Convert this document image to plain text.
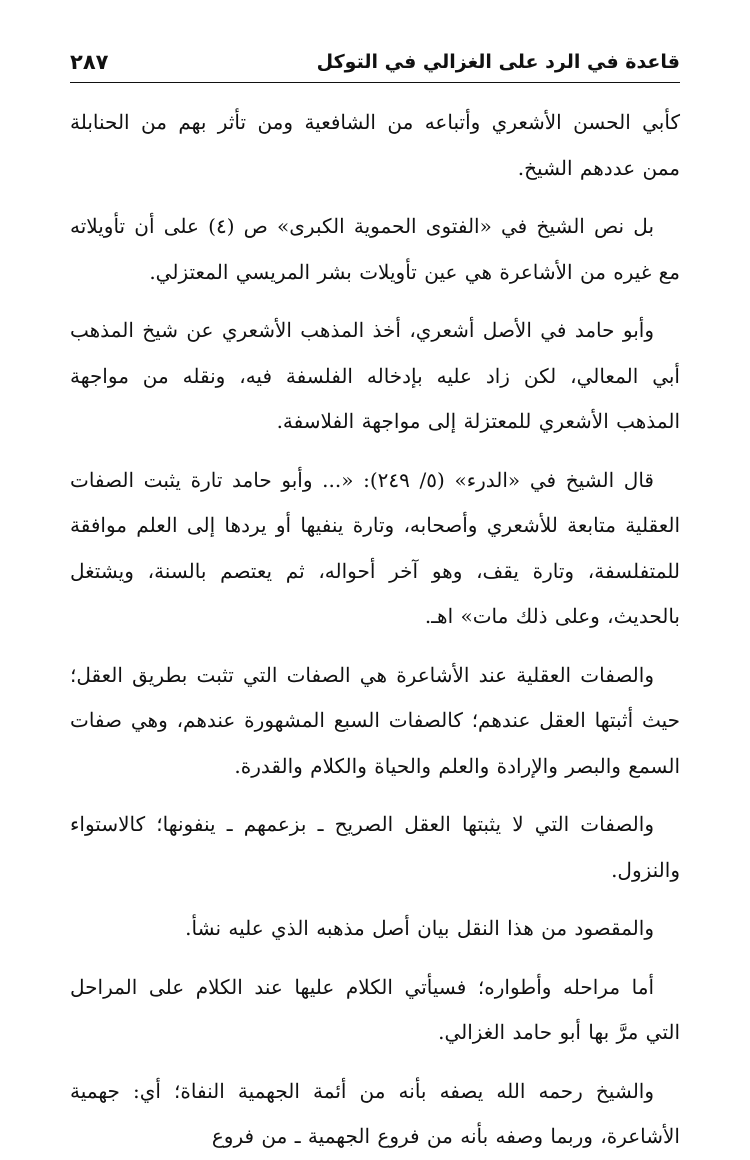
قاعدة في الرد على الغزالي في التوكل
٢٨٧

كأبي الحسن الأشعري وأتباعه من الشافعية ومن تأثر بهم من الحنابلة ممن عددهم الشيخ.

بل نص الشيخ في «الفتوى الحموية الكبرى» ص (٤) على أن تأويلاته مع غيره من الأشاعرة هي عين تأويلات بشر المريسي المعتزلي.

وأبو حامد في الأصل أشعري، أخذ المذهب الأشعري عن شيخ المذهب أبي المعالي، لكن زاد عليه بإدخاله الفلسفة فيه، ونقله من مواجهة المذهب الأشعري للمعتزلة إلى مواجهة الفلاسفة.

قال الشيخ في «الدرء» (٥/ ٢٤٩): «... وأبو حامد تارة يثبت الصفات العقلية متابعة للأشعري وأصحابه، وتارة ينفيها أو يردها إلى العلم موافقة للمتفلسفة، وتارة يقف، وهو آخر أحواله، ثم يعتصم بالسنة، ويشتغل بالحديث، وعلى ذلك مات» اهـ.

والصفات العقلية عند الأشاعرة هي الصفات التي تثبت بطريق العقل؛ حيث أثبتها العقل عندهم؛ كالصفات السبع المشهورة عندهم، وهي صفات السمع والبصر والإرادة والعلم والحياة والكلام والقدرة.

والصفات التي لا يثبتها العقل الصريح ـ بزعمهم ـ ينفونها؛ كالاستواء والنزول.

والمقصود من هذا النقل بيان أصل مذهبه الذي عليه نشأ.

أما مراحله وأطواره؛ فسيأتي الكلام عليها عند الكلام على المراحل التي مرَّ بها أبو حامد الغزالي.

والشيخ رحمه الله يصفه بأنه من أئمة الجهمية النفاة؛ أي: جهمية الأشاعرة، وربما وصفه بأنه من فروع الجهمية ـ من فروع
